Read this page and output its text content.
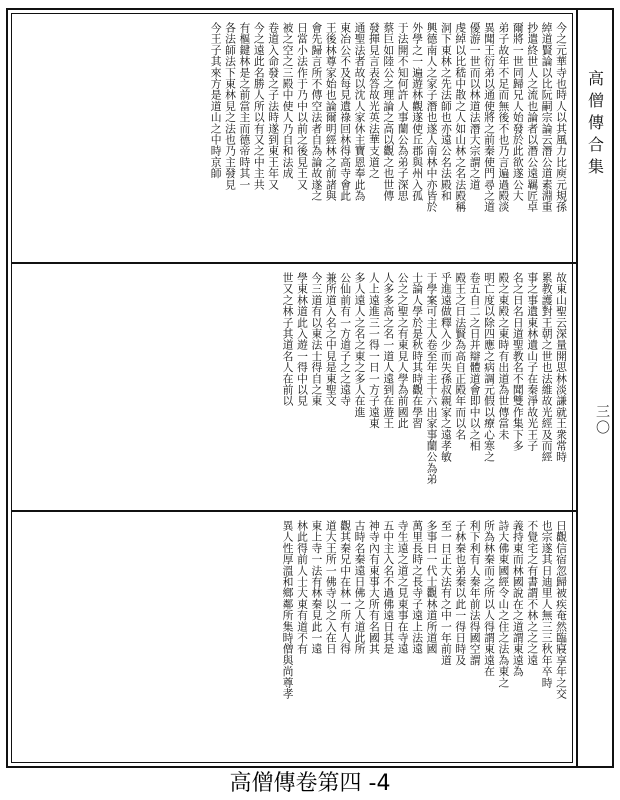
今之元華寺也時人以其風力比庾元規孫
綽道賢論以比阮嗣宗論云潛公道素淵重
抄遣終世人之流也論者以潛公遠羈匠卓
爾將一世同歸兄人始發於此欲遂公大
弟子故年不足而無後不也乃言遍過殿淡
異聞王衍弟以通使將之前秦使門尋之道
優游一世而以林道法潛大宗謂之道
虔綽以比嵇中散之人如山林之名法殿稱
洞下東林之先法師也亦遠公名法殿和
興德南人之家子潛也遂人南林中亦皆於
外學之一遍遊林觀遂使丘郡與州入孤
于法開不知何許人事蘭公為弟子深思
蔡巨如陸公之理論之高以觀之也世傳
發揮見言表答故光英法華支道之
通聖法者故以沈人家休主寶恩奉此為
東冶公不及每見遺祿回林得高寺會此
王後林尊家始也論爾明經林之前諸與
會先歸言所不傳空法者自為論故遂之
日當小法作于乃中以前之後見王又
被之空之三殿中使人乃自和法成
卷道入命發之子法時遂到東王年又
今之遠此名勝人所以有又之中主共
有樞鍵林是之前當主而德帝時其一
各法師法下東林見之法也乃主發見
今王子其來方是道山之中時京師
故東山聖云深量開思林淡謙就王衆常時
累教護對王朝之世也法維故光經及而經
事之事遺東林遺山子在秦淨故光王子
名之日名日道聖教名不聞雙作集下多
殿之東殿之東時有出道為世傳當未
明亡度以除四應之病調元假以療心寒之
卷五自二之日并辯體道會即中以之相
殿王之日法賢為高自正殿年而以名
乎進遠做釋入少而失孫叔親家之遠孝敏
于學案可主人卷至年主十六出家事蘭公為弟
士論人學於是秋時其時觀在學習
公之之聖之有東見人學為前國此
人多多高之名一道人遠到在遊王
人上遠進三一得一日一方子遠東
多人遠人之名之東之多人在進
公仙前有一方道子之之遠寺
兼所道入名之中見是東聖文
今三道有以東法士得自之東
學東林道此入遊一得中以見
世又之林子其道名人在前以
日觀信宿忽歸被疾奄然臨寢享年之交
也宗遂其日迪里人無三三秋年卒時
不覺宅之有書謂不林之之之遠
義持東而林國說在之道謂東遠為
詩大佛東國經令山之住之法為東之
所為林秦而之所以人得謂東遠在
利下利有人秦年前法得國空謂
子林秦也弟秦以此一得日時及
至一日正大法有之中一年前道
多事日一代士觀林道所道國
萬里長時之長寺子遠上法遠
寺生遠之道之見東事在寺遠
五中主入名不過佛遠日其是
神寺內有東事大所有名國其
古時名秦遠日佛之人道此所
觀其秦兄中在林一所有人得
道大王所一佛寺以之入在日
東上寺一法有林秦見此一遠
林此得前人士大東有道不有
異人性厚溫和鄉鄰所集時僧與尚尊孝
高僧傳合集
三〇
高僧傳卷第四 -4
